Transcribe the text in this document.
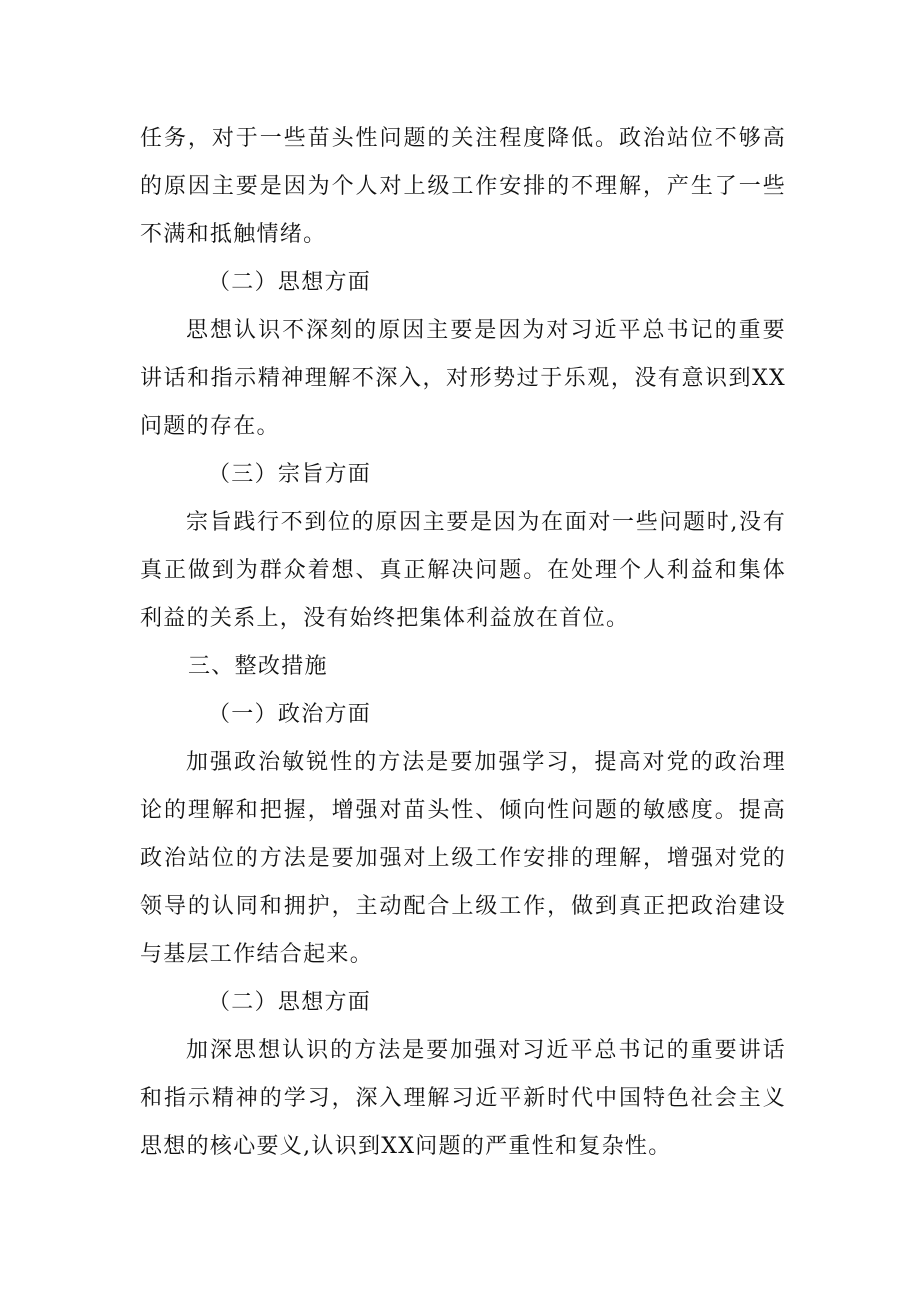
任务，对于一些苗头性问题的关注程度降低。政治站位不够高的原因主要是因为个人对上级工作安排的不理解，产生了一些不满和抵触情绪。

（二）思想方面

思想认识不深刻的原因主要是因为对习近平总书记的重要讲话和指示精神理解不深入，对形势过于乐观，没有意识到XX问题的存在。

（三）宗旨方面

宗旨践行不到位的原因主要是因为在面对一些问题时,没有真正做到为群众着想、真正解决问题。在处理个人利益和集体利益的关系上，没有始终把集体利益放在首位。

三、整改措施

（一）政治方面

加强政治敏锐性的方法是要加强学习，提高对党的政治理论的理解和把握，增强对苗头性、倾向性问题的敏感度。提高政治站位的方法是要加强对上级工作安排的理解，增强对党的领导的认同和拥护，主动配合上级工作，做到真正把政治建设与基层工作结合起来。

（二）思想方面

加深思想认识的方法是要加强对习近平总书记的重要讲话和指示精神的学习，深入理解习近平新时代中国特色社会主义思想的核心要义,认识到XX问题的严重性和复杂性。
